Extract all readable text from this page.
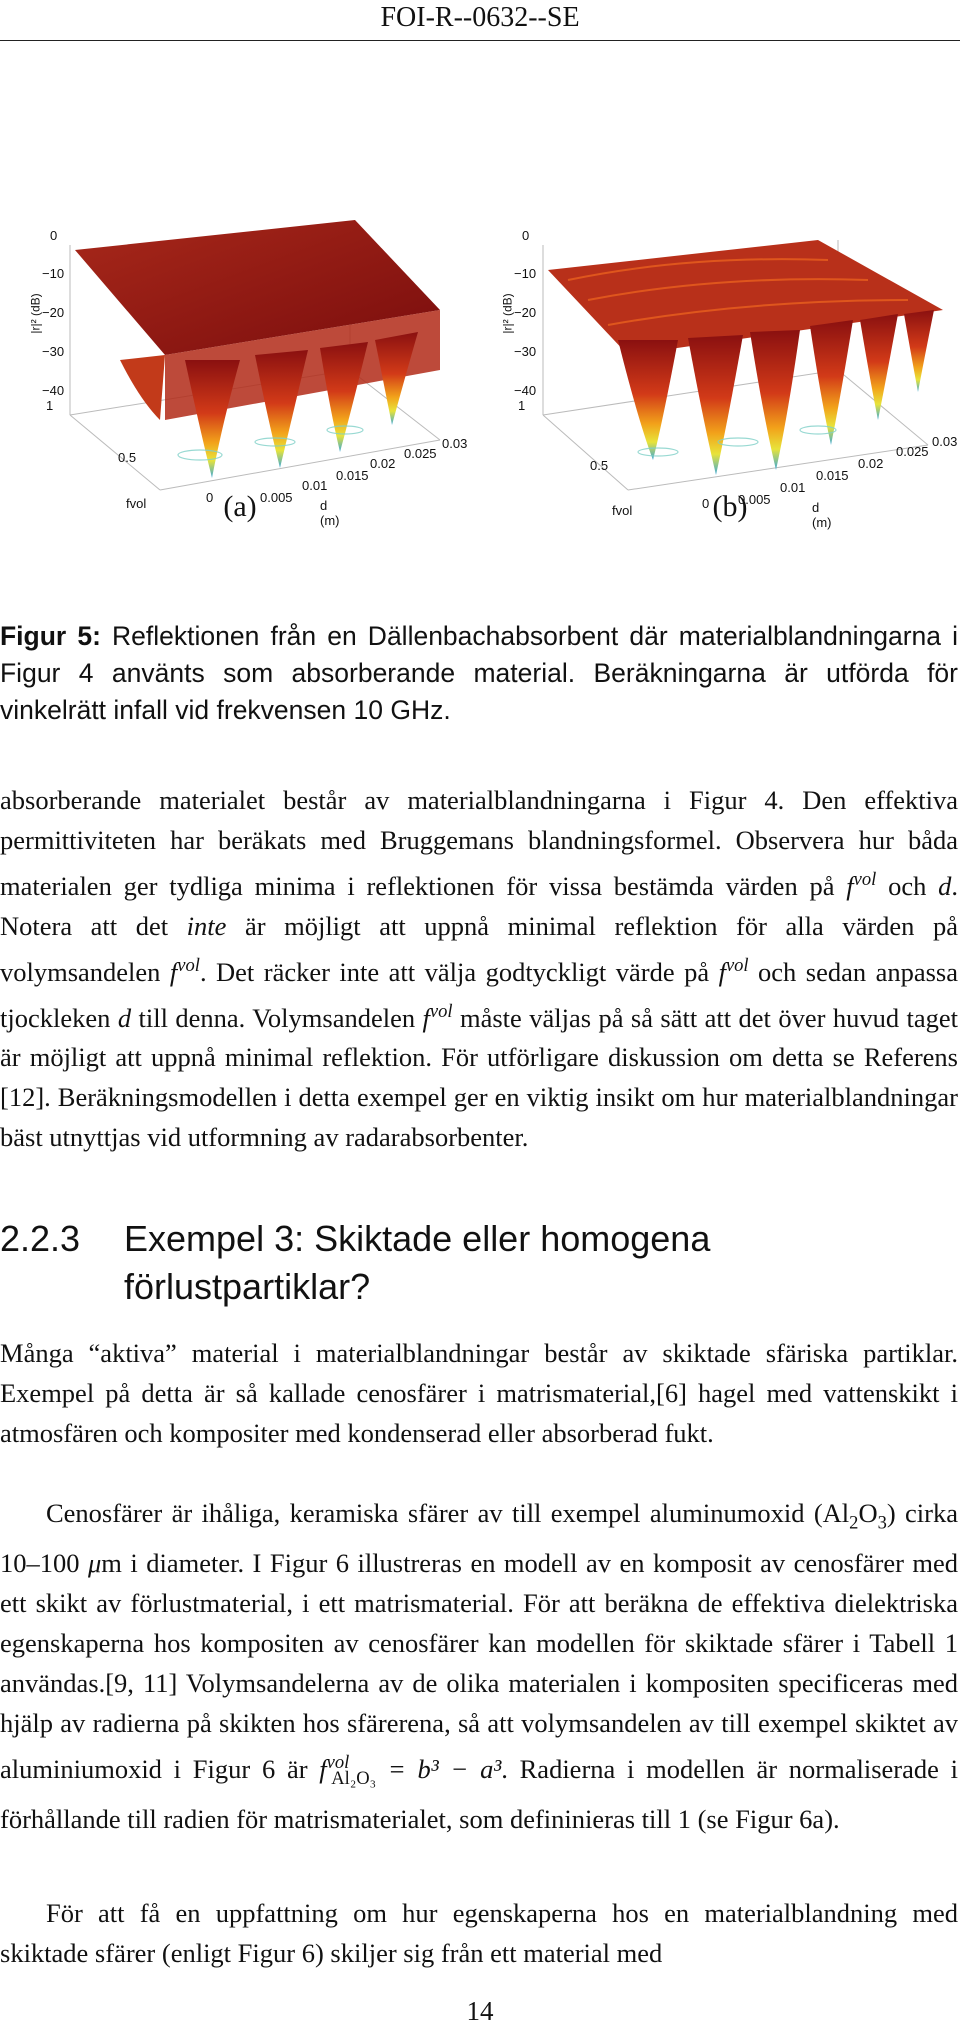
FOI-R--0632--SE
0
−10
−20
−30
−40
|r|² (dB)
1
0.5
0
fvol	0.005
0.01
0.015
0.02
0.025
0.03
d (m)
(a)
0
−10
−20
−30
−40
|r|² (dB)
1
0.5
0
fvol
0.005
0.01
0.015
0.02
0.025
0.03
d (m)
(b)
Figur 5: Reflektionen från en Dällenbachabsorbent där materialblandningarna i Figur 4 använts som absorberande material. Beräkningarna är utförda för vinkelrätt infall vid frekvensen 10 GHz.
absorberande materialet består av materialblandningarna i Figur 4. Den effektiva permittiviteten har beräkats med Bruggemans blandningsformel. Observera hur båda materialen ger tydliga minima i reflektionen för vissa bestämda värden på $f^{vol}$ och d. Notera att det inte är möjligt att uppnå minimal reflektion för alla värden på volymsandelen $f^{vol}$. Det räcker inte att välja godtyckligt värde på $f^{vol}$ och sedan anpassa tjockleken d till denna. Volymsandelen $f^{vol}$ måste väljas på så sätt att det över huvud taget är möjligt att uppnå minimal reflektion. För utförligare diskussion om detta se Referens [12]. Beräkningsmodellen i detta exempel ger en viktig insikt om hur materialblandningar bäst utnyttjas vid utformning av radarabsorbenter.
2.2.3 Exempel 3: Skiktade eller homogena förlustpartiklar?
Många “aktiva” material i materialblandningar består av skiktade sfäriska partiklar. Exempel på detta är så kallade cenosfärer i matrismaterial,[6] hagel med vattenskikt i atmosfären och kompositer med kondenserad eller absorberad fukt.
Cenosfärer är ihåliga, keramiska sfärer av till exempel aluminumoxid $(Al_2O_3)$ cirka 10–100 μm i diameter. I Figur 6 illustreras en modell av en komposit av cenosfärer med ett skikt av förlustmaterial, i ett matrismaterial. För att beräkna de effektiva dielektriska egenskaperna hos kompositen av cenosfärer kan modellen för skiktade sfärer i Tabell 1 användas.[9, 11] Volymsandelerna av de olika materialen i kompositen specificeras med hjälp av radierna på skikten hos sfärerena, så att volymsandelen av till exempel skiktet av aluminiumoxid i Figur 6 är $f^{vol}_{Al_2O_3} = b^3 - a^3$. Radierna i modellen är normaliserade i förhållande till radien för matrismaterialet, som defininieras till 1 (se Figur 6a).
För att få en uppfattning om hur egenskaperna hos en materialblandning med skiktade sfärer (enligt Figur 6) skiljer sig från ett material med
14
